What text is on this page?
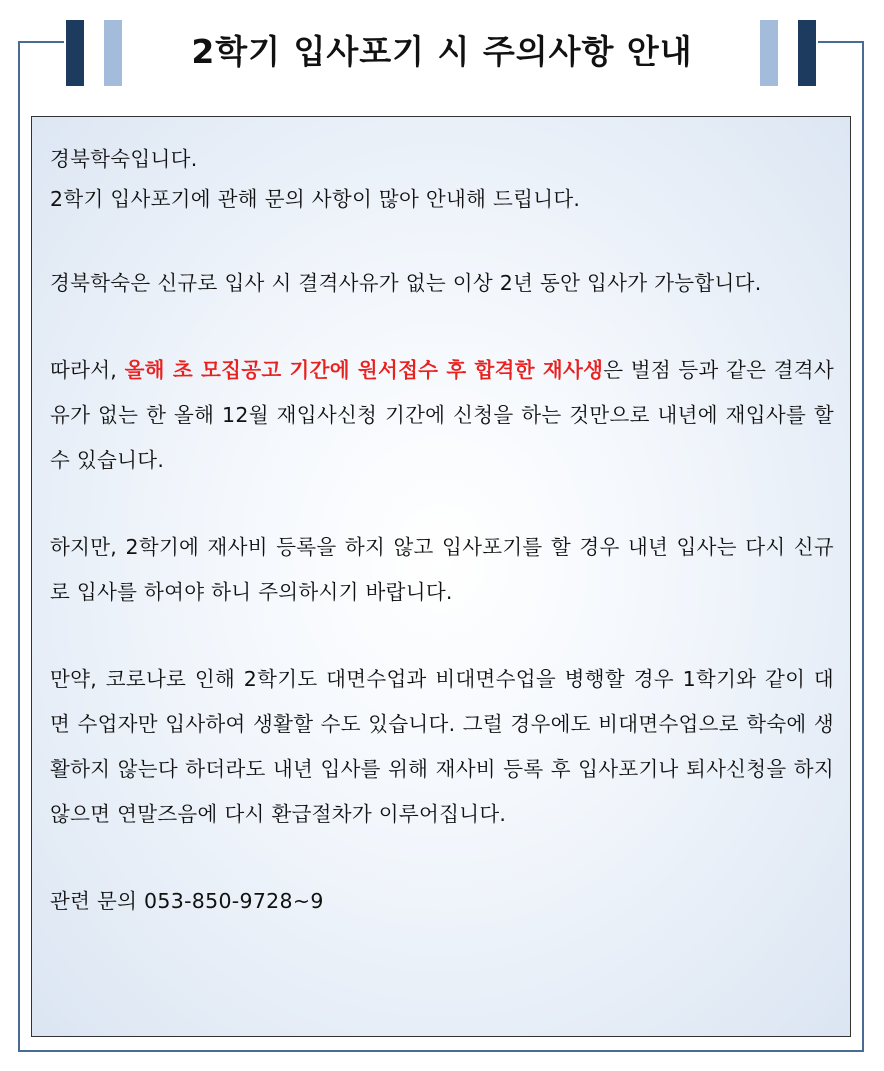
2학기 입사포기 시 주의사항 안내

경북학숙입니다.
2학기 입사포기에 관해 문의 사항이 많아 안내해 드립니다.

경북학숙은 신규로 입사 시 결격사유가 없는 이상 2년 동안 입사가 가능합니다.

따라서, 올해 초 모집공고 기간에 원서접수 후 합격한 재사생은 벌점 등과 같은 결격사유가 없는 한 올해 12월 재입사신청 기간에 신청을 하는 것만으로 내년에 재입사를 할 수 있습니다.

하지만, 2학기에 재사비 등록을 하지 않고 입사포기를 할 경우 내년 입사는 다시 신규로 입사를 하여야 하니 주의하시기 바랍니다.

만약, 코로나로 인해 2학기도 대면수업과 비대면수업을 병행할 경우 1학기와 같이 대면 수업자만 입사하여 생활할 수도 있습니다. 그럴 경우에도 비대면수업으로 학숙에 생활하지 않는다 하더라도 내년 입사를 위해 재사비 등록 후 입사포기나 퇴사신청을 하지 않으면 연말즈음에 다시 환급절차가 이루어집니다.

관련 문의 053-850-9728~9
